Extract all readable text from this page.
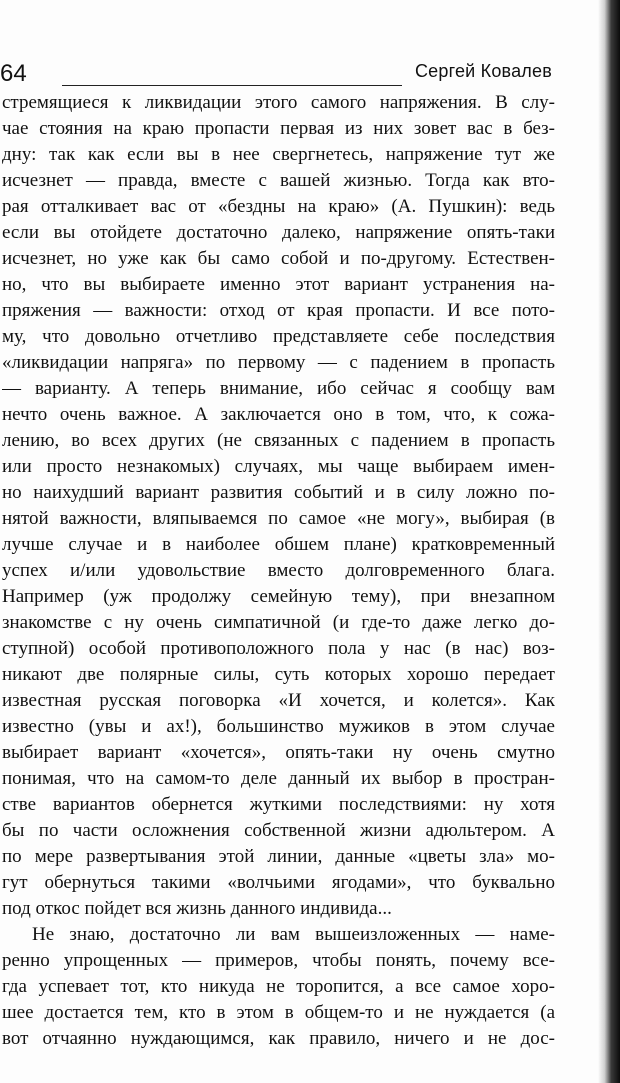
64	Сергей Ковалев
стремящиеся к ликвидации этого самого напряжения. В слу-
чае стояния на краю пропасти первая из них зовет вас в без-
дну: так как если вы в нее свергнетесь, напряжение тут же
исчезнет — правда, вместе с вашей жизнью. Тогда как вто-
рая отталкивает вас от «бездны на краю» (А. Пушкин): ведь
если вы отойдете достаточно далеко, напряжение опять-таки
исчезнет, но уже как бы само собой и по-другому. Естествен-
но, что вы выбираете именно этот вариант устранения на-
пряжения — важности: отход от края пропасти. И все пото-
му, что довольно отчетливо представляете себе последствия
«ликвидации напряга» по первому — с падением в пропасть
— варианту. А теперь внимание, ибо сейчас я сообщу вам
нечто очень важное. А заключается оно в том, что, к сожа-
лению, во всех других (не связанных с падением в пропасть
или просто незнакомых) случаях, мы чаще выбираем имен-
но наихудший вариант развития событий и в силу ложно по-
нятой важности, вляпываемся по самое «не могу», выбирая (в
лучше случае и в наиболее обшем плане) кратковременный
успех и/или удовольствие вместо долговременного блага.
Например (уж продолжу семейную тему), при внезапном
знакомстве с ну очень симпатичной (и где-то даже легко до-
ступной) особой противоположного пола у нас (в нас) воз-
никают две полярные силы, суть которых хорошо передает
известная русская поговорка «И хочется, и колется». Как
известно (увы и ах!), большинство мужиков в этом случае
выбирает вариант «хочется», опять-таки ну очень смутно
понимая, что на самом-то деле данный их выбор в простран-
стве вариантов обернется жуткими последствиями: ну хотя
бы по части осложнения собственной жизни адюльтером. А
по мере развертывания этой линии, данные «цветы зла» мо-
гут обернуться такими «волчьими ягодами», что буквально
под откос пойдет вся жизнь данного индивида...
Не знаю, достаточно ли вам вышеизложенных — наме-
ренно упрощенных — примеров, чтобы понять, почему все-
гда успевает тот, кто никуда не торопится, а все самое хоро-
шее достается тем, кто в этом в общем-то и не нуждается (а
вот отчаянно нуждающимся, как правило, ничего и не дос-
